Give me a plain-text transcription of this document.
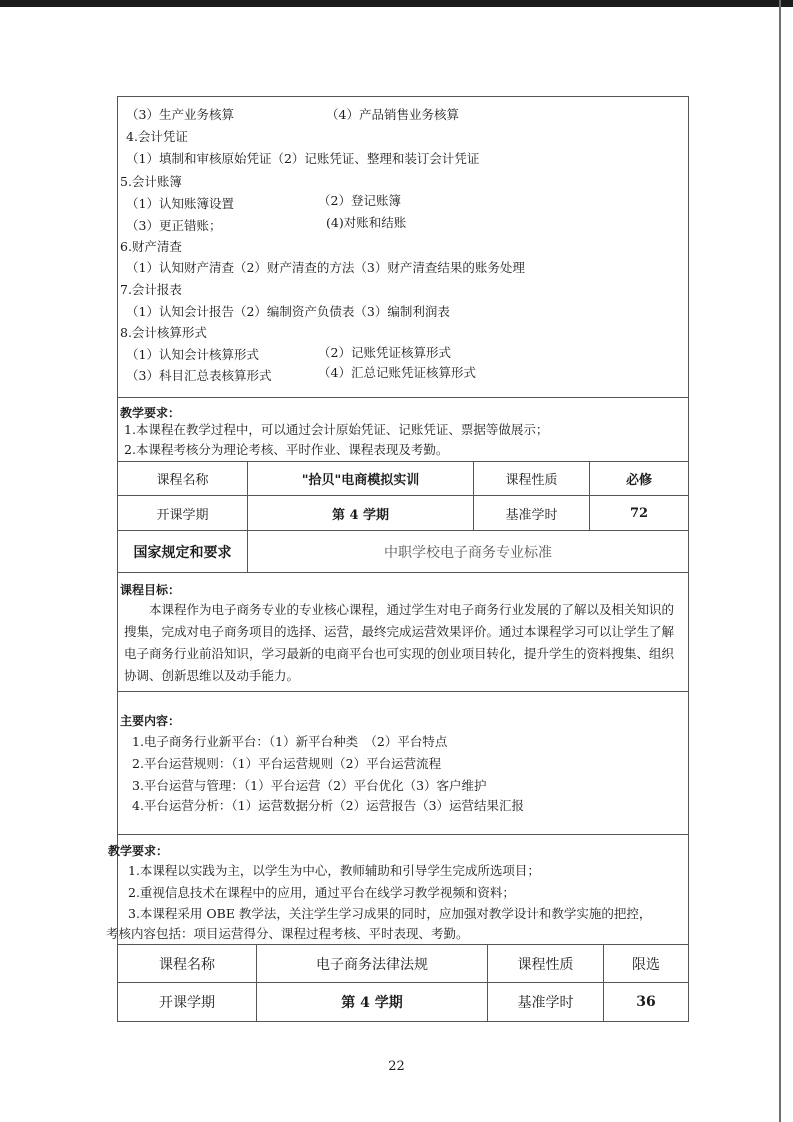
（3）生产业务核算	（4）产品销售业务核算
4.会计凭证
（1）填制和审核原始凭证（2）记账凭证、整理和装订会计凭证
5.会计账簿
（1）认知账簿设置	（2）登记账簿
（3）更正错账；	(4)对账和结账
6.财产清查
（1）认知财产清查（2）财产清查的方法（3）财产清查结果的账务处理
7.会计报表
（1）认知会计报告（2）编制资产负债表（3）编制利润表
8.会计核算形式
（1）认知会计核算形式	（2）记账凭证核算形式
（3）科目汇总表核算形式	（4）汇总记账凭证核算形式
教学要求：
1.本课程在教学过程中，可以通过会计原始凭证、记账凭证、票据等做展示；
2.本课程考核分为理论考核、平时作业、课程表现及考勤。
课程名称	"拾贝"电商模拟实训	课程性质	必修
开课学期	第 4 学期	基准学时	72
国家规定和要求	中职学校电子商务专业标准
课程目标：
本课程作为电子商务专业的专业核心课程，通过学生对电子商务行业发展的了解以及相关知识的搜集，完成对电子商务项目的选择、运营，最终完成运营效果评价。通过本课程学习可以让学生了解电子商务行业前沿知识，学习最新的电商平台也可实现的创业项目转化，提升学生的资料搜集、组织协调、创新思维以及动手能力。
主要内容：
1.电子商务行业新平台：（1）新平台种类　（2）平台特点
2.平台运营规则：（1）平台运营规则（2）平台运营流程
3.平台运营与管理：（1）平台运营（2）平台优化（3）客户维护
4.平台运营分析：（1）运营数据分析（2）运营报告（3）运营结果汇报
教学要求：
1.本课程以实践为主，以学生为中心，教师辅助和引导学生完成所选项目；
2.重视信息技术在课程中的应用，通过平台在线学习教学视频和资料；
3.本课程采用 OBE 教学法，关注学生学习成果的同时，应加强对教学设计和教学实施的把控，
考核内容包括：项目运营得分、课程过程考核、平时表现、考勤。
课程名称	电子商务法律法规	课程性质	限选
开课学期	第 4 学期	基准学时	36
22
